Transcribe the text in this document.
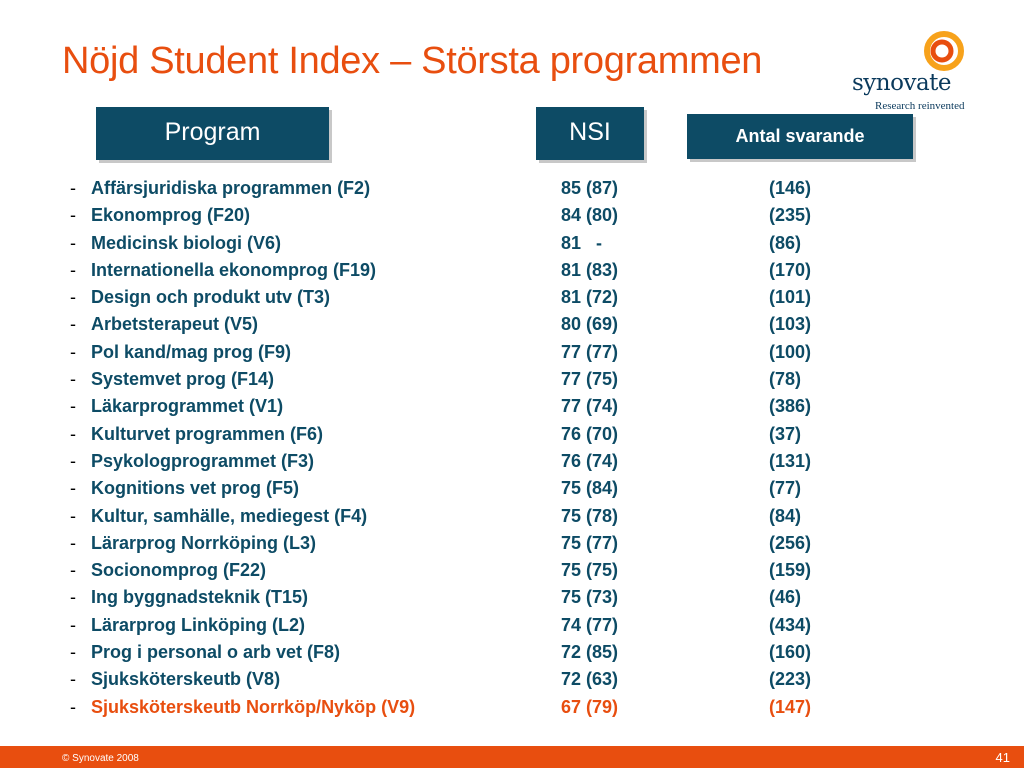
Nöjd Student Index – Största programmen
synovate
Research reinvented
Program	NSI	Antal svarande
- Affärsjuridiska programmen (F2)	85 (87)	(146)
- Ekonomprog (F20)	84 (80)	(235)
- Medicinsk biologi (V6)	81   -	(86)
- Internationella ekonomprog (F19)	81 (83)	(170)
- Design och produkt utv (T3)	81 (72)	(101)
- Arbetsterapeut (V5)	80 (69)	(103)
- Pol kand/mag prog (F9)	77 (77)	(100)
- Systemvet prog (F14)	77 (75)	(78)
- Läkarprogrammet (V1)	77 (74)	(386)
- Kulturvet programmen (F6)	76 (70)	(37)
- Psykologprogrammet (F3)	76 (74)	(131)
- Kognitions vet prog (F5)	75 (84)	(77)
- Kultur, samhälle, mediegest (F4)	75 (78)	(84)
- Lärarprog Norrköping (L3)	75 (77)	(256)
- Socionomprog (F22)	75 (75)	(159)
- Ing byggnadsteknik (T15)	75 (73)	(46)
- Lärarprog Linköping (L2)	74 (77)	(434)
- Prog i personal o arb vet (F8)	72 (85)	(160)
- Sjuksköterskeutb (V8)	72 (63)	(223)
- Sjuksköterskeutb Norrköp/Nyköp (V9)	67 (79)	(147)
© Synovate 2008	41
